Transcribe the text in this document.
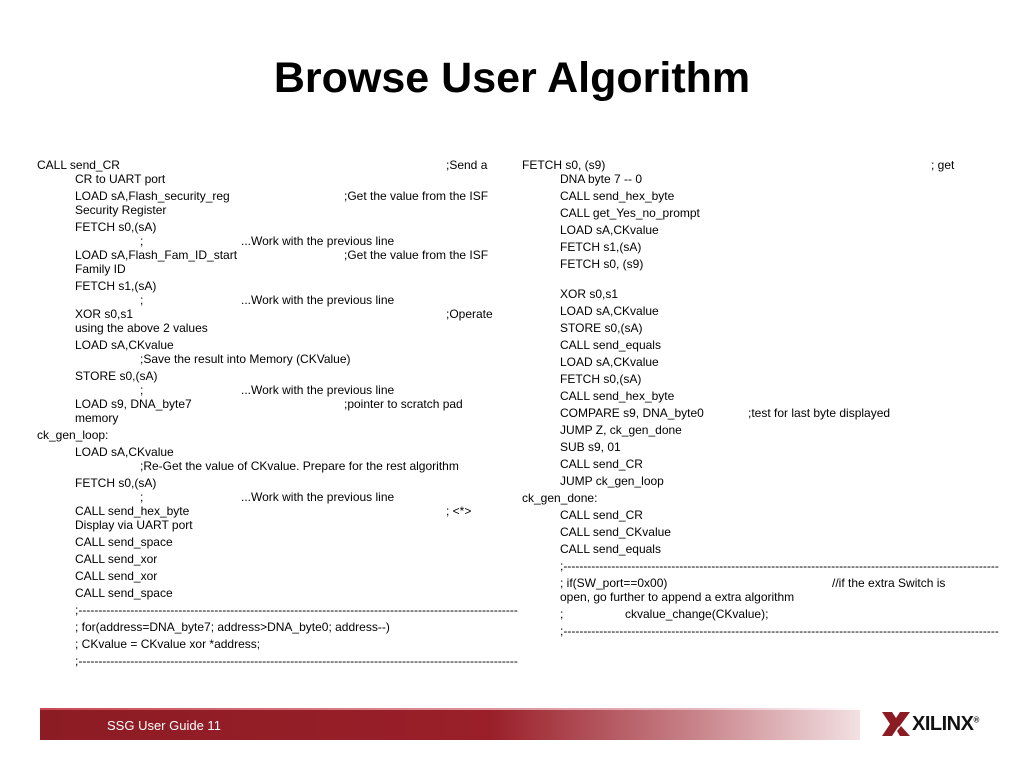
Browse User Algorithm
CALL send_CR	;Send a
CR to UART port
LOAD sA,Flash_security_reg	;Get the value from the ISF
Security Register
FETCH s0,(sA)
;	...Work with the previous line
LOAD sA,Flash_Fam_ID_start	;Get the value from the ISF
Family ID
FETCH s1,(sA)
;	...Work with the previous line
XOR s0,s1	;Operate
using the above 2 values
LOAD sA,CKvalue
;Save the result into Memory (CKValue)
STORE s0,(sA)
;	...Work with the previous line
LOAD s9, DNA_byte7	;pointer to scratch pad
memory
ck_gen_loop:
LOAD sA,CKvalue
;Re-Get the value of CKvalue. Prepare for the rest algorithm
FETCH s0,(sA)
;	...Work with the previous line
CALL send_hex_byte	; <*>
Display via UART port
CALL send_space
CALL send_xor
CALL send_xor
CALL send_space
;--------------------------------------------------------------------------------------------------------------
; for(address=DNA_byte7; address>DNA_byte0; address--)
; CKvalue = CKvalue xor *address;
;--------------------------------------------------------------------------------------------------------------
FETCH s0, (s9)	; get
DNA byte 7 -- 0
CALL send_hex_byte
CALL get_Yes_no_prompt
LOAD sA,CKvalue
FETCH s1,(sA)
FETCH s0, (s9)
XOR s0,s1
LOAD sA,CKvalue
STORE s0,(sA)
CALL send_equals
LOAD sA,CKvalue
FETCH s0,(sA)
CALL send_hex_byte
COMPARE s9, DNA_byte0	;test for last byte displayed
JUMP Z, ck_gen_done
SUB s9, 01
CALL send_CR
JUMP ck_gen_loop
ck_gen_done:
CALL send_CR
CALL send_CKvalue
CALL send_equals
;-------------------------------------------------------------------------------------------------------------
; if(SW_port==0x00)	//if the extra Switch is
open, go further to append a extra algorithm
;	ckvalue_change(CKvalue);
;-------------------------------------------------------------------------------------------------------------
SSG User Guide 11	XILINX®
